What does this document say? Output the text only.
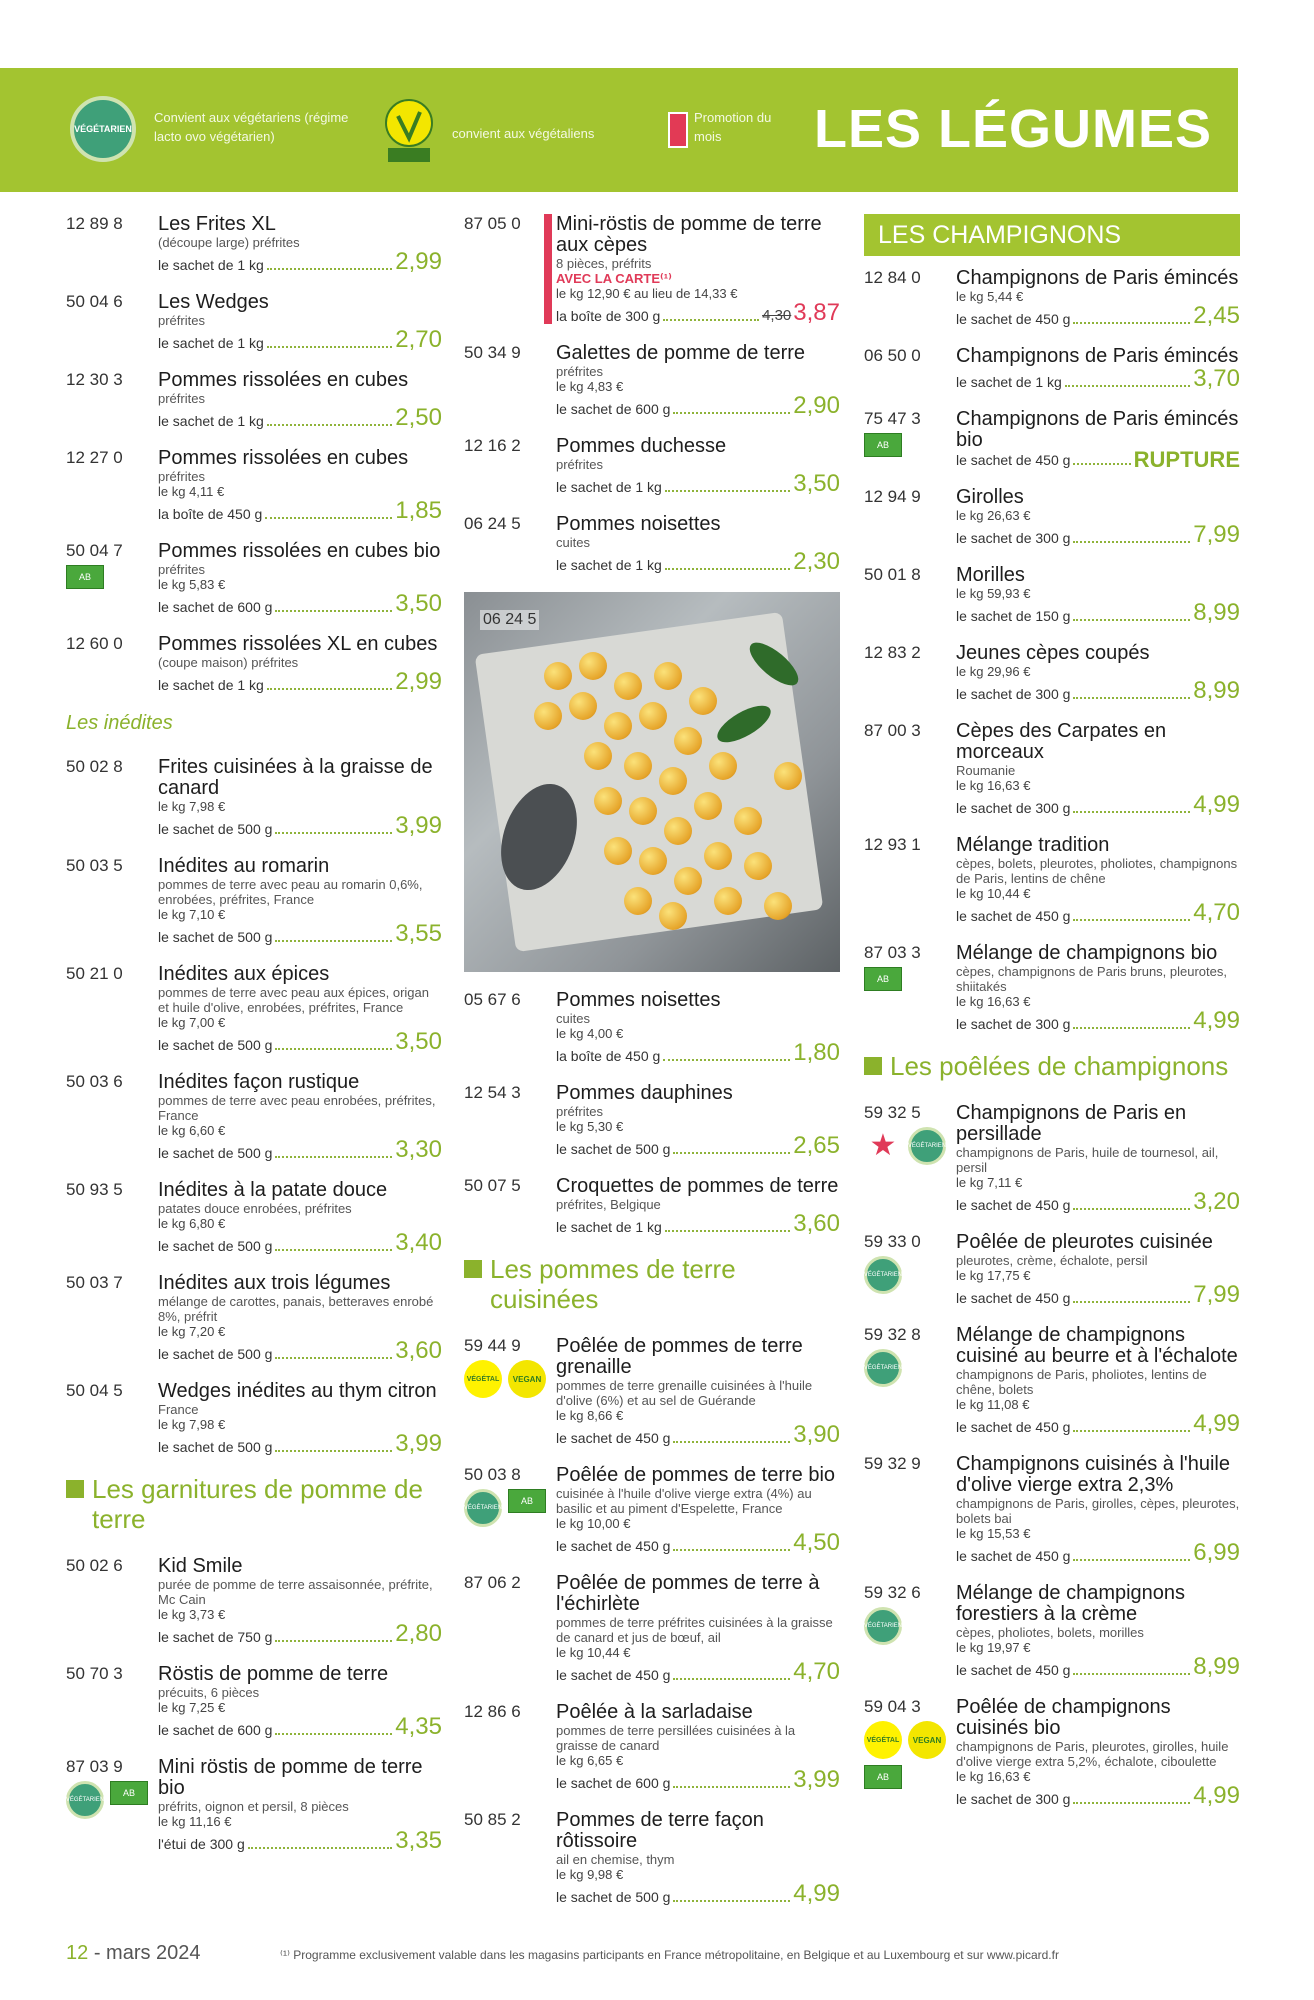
VÉGÉTARIEN
Convient aux végétariens (régime lacto ovo végétarien)	convient aux végétaliens
Promotion du mois	LES LÉGUMES
12 89 8 Les Frites XL
(découpe large) préfrites
le sachet de 1 kg	2,99
50 04 6 Les Wedges
préfrites
le sachet de 1 kg	2,70
12 30 3 Pommes rissolées en cubes
préfrites
le sachet de 1 kg	2,50
12 27 0 Pommes rissolées en cubes
préfrites
le kg 4,11 €
la boîte de 450 g	1,85
50 04 7
AB
Pommes rissolées en cubes bio
préfrites
le kg 5,83 €
le sachet de 600 g	3,50
12 60 0 Pommes rissolées XL en cubes
(coupe maison) préfrites
le sachet de 1 kg	2,99
Les inédites
50 02 8 Frites cuisinées à la graisse de canard
le kg 7,98 €
le sachet de 500 g	3,99
50 03 5 Inédites au romarin
pommes de terre avec peau au romarin 0,6%, enrobées, préfrites, France
le kg 7,10 €
le sachet de 500 g	3,55
50 21 0 Inédites aux épices
pommes de terre avec peau aux épices, origan et huile d'olive, enrobées, préfrites, France
le kg 7,00 €
le sachet de 500 g	3,50
50 03 6 Inédites façon rustique
pommes de terre avec peau enrobées, préfrites, France
le kg 6,60 €
le sachet de 500 g	3,30
50 93 5 Inédites à la patate douce
patates douce enrobées, préfrites
le kg 6,80 €
le sachet de 500 g	3,40
50 03 7 Inédites aux trois légumes
mélange de carottes, panais, betteraves enrobé 8%, préfrit
le kg 7,20 €
le sachet de 500 g	3,60
50 04 5 Wedges inédites au thym citron
France
le kg 7,98 €
le sachet de 500 g	3,99
Les garnitures de pomme de terre
50 02 6 Kid Smile
purée de pomme de terre assaisonnée, préfrite, Mc Cain
le kg 3,73 €
le sachet de 750 g	2,80
50 70 3 Röstis de pomme de terre
précuits, 6 pièces
le kg 7,25 €
le sachet de 600 g	4,35
87 03 9
VÉGÉTARIEN
AB
Mini röstis de pomme de terre bio
préfrits, oignon et persil, 8 pièces
le kg 11,16 €
l'étui de 300 g	3,35
87 05 0 Mini-röstis de pomme de terre aux cèpes
8 pièces, préfrits
AVEC LA CARTE⁽¹⁾
le kg 12,90 € au lieu de 14,33 €
la boîte de 300 g	4,30 3,87
50 34 9 Galettes de pomme de terre
préfrites
le kg 4,83 €
le sachet de 600 g	2,90
12 16 2 Pommes duchesse
préfrites
le sachet de 1 kg	3,50
06 24 5 Pommes noisettes
cuites
le sachet de 1 kg	2,30
06 24 5
05 67 6 Pommes noisettes
cuites
le kg 4,00 €
la boîte de 450 g	1,80
12 54 3 Pommes dauphines
préfrites
le kg 5,30 €
le sachet de 500 g	2,65
50 07 5 Croquettes de pommes de terre
préfrites, Belgique
le sachet de 1 kg	3,60
Les pommes de terre cuisinées
59 44 9
VÉGÉTAL	VEGAN
Poêlée de pommes de terre grenaille
pommes de terre grenaille cuisinées à l'huile d'olive (6%) et au sel de Guérande
le kg 8,66 €
le sachet de 450 g	3,90
50 03 8
VÉGÉTARIEN
AB
Poêlée de pommes de terre bio
cuisinée à l'huile d'olive vierge extra (4%) au basilic et au piment d'Espelette, France
le kg 10,00 €
le sachet de 450 g	4,50
87 06 2 Poêlée de pommes de terre à l'échirlète
pommes de terre préfrites cuisinées à la graisse de canard et jus de bœuf, ail
le kg 10,44 €
le sachet de 450 g	4,70
12 86 6 Poêlée à la sarladaise
pommes de terre persillées cuisinées à la graisse de canard
le kg 6,65 €
le sachet de 600 g	3,99
50 85 2 Pommes de terre façon rôtissoire
ail en chemise, thym
le kg 9,98 €
le sachet de 500 g	4,99
LES CHAMPIGNONS
12 84 0 Champignons de Paris émincés
le kg 5,44 €
le sachet de 450 g	2,45
06 50 0 Champignons de Paris émincés
le sachet de 1 kg	3,70
75 47 3
AB
Champignons de Paris émincés bio
le sachet de 450 g	RUPTURE
12 94 9 Girolles
le kg 26,63 €
le sachet de 300 g	7,99
50 01 8 Morilles
le kg 59,93 €
le sachet de 150 g	8,99
12 83 2 Jeunes cèpes coupés
le kg 29,96 €
le sachet de 300 g	8,99
87 00 3 Cèpes des Carpates en morceaux
Roumanie
le kg 16,63 €
le sachet de 300 g	4,99
12 93 1 Mélange tradition
cèpes, bolets, pleurotes, pholiotes, champignons de Paris, lentins de chêne
le kg 10,44 €
le sachet de 450 g	4,70
87 03 3
AB
Mélange de champignons bio
cèpes, champignons de Paris bruns, pleurotes, shiitakés
le kg 16,63 €
le sachet de 300 g	4,99
Les poêlées de champignons
59 32 5
★	VÉGÉTARIEN
Champignons de Paris en persillade
champignons de Paris, huile de tournesol, ail, persil
le kg 7,11 €
le sachet de 450 g	3,20
59 33 0
VÉGÉTARIEN
Poêlée de pleurotes cuisinée
pleurotes, crème, échalote, persil
le kg 17,75 €
le sachet de 450 g	7,99
59 32 8
VÉGÉTARIEN
Mélange de champignons cuisiné au beurre et à l'échalote
champignons de Paris, pholiotes, lentins de chêne, bolets
le kg 11,08 €
le sachet de 450 g	4,99
59 32 9 Champignons cuisinés à l'huile d'olive vierge extra 2,3%
champignons de Paris, girolles, cèpes, pleurotes, bolets bai
le kg 15,53 €
le sachet de 450 g	6,99
59 32 6
VÉGÉTARIEN
Mélange de champignons forestiers à la crème
cèpes, pholiotes, bolets, morilles
le kg 19,97 €
le sachet de 450 g	8,99
59 04 3
VÉGÉTAL	VEGAN
AB
Poêlée de champignons cuisinés bio
champignons de Paris, pleurotes, girolles, huile d'olive vierge extra 5,2%, échalote, ciboulette
le kg 16,63 €
le sachet de 300 g	4,99
12 - mars 2024	⁽¹⁾ Programme exclusivement valable dans les magasins participants en France métropolitaine, en Belgique et au Luxembourg et sur www.picard.fr
